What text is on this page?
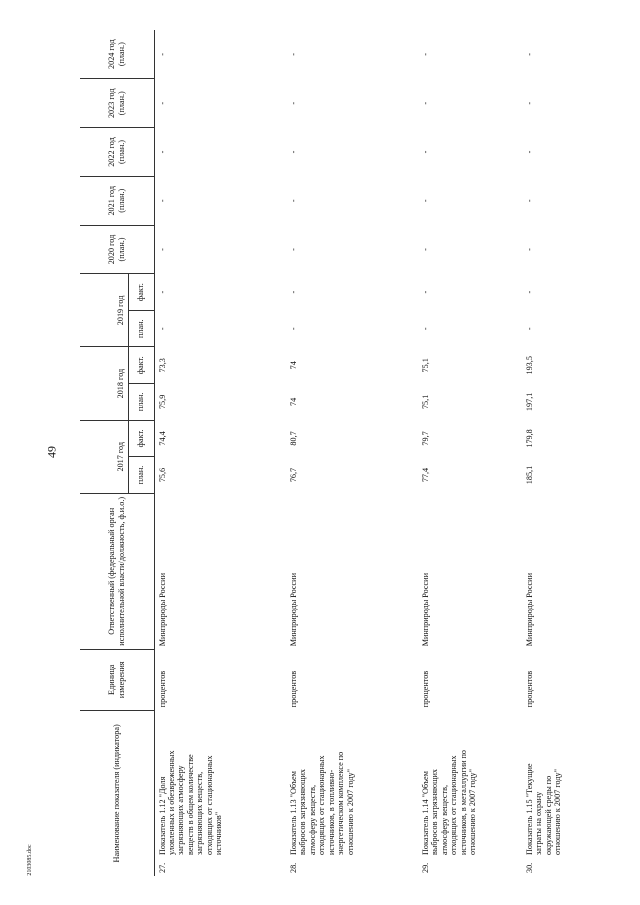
49
2103085.doc	Наименование показателя (индикатора)	Единица измерения	Ответственный (федеральный орган исполнительной власти/должность, ф.и.о.)	2017 год		2018 год		2019 год		2020 год (план.)	2021 год (план.)	2022 год (план.)	2023 год (план.)	2024 год (план.)
			план.	факт.	план.	факт.	план.	факт.					
27.Показатель 1.12 "Доля уловленных и обезвреженных загрязняющих атмосферу веществ в общем количестве загрязняющих веществ, отходящих от стационарных источников"	процентов	Минприроды России	75,6	74,4	75,9	73,3	-	-	-	-	-	-	-
28.Показатель 1.13 "Объем выбросов загрязняющих атмосферу веществ, отходящих от стационарных источников, в топливно-энергетическом комплексе по отношению к 2007 году"	процентов	Минприроды России	76,7	80,7	74	74	-	-	-	-	-	-	-
29.Показатель 1.14 "Объем выбросов загрязняющих атмосферу веществ, отходящих от стационарных источников, в металлургии по отношению к 2007 году"	процентов	Минприроды России	77,4	79,7	75,1	75,1	-	-	-	-	-	-	-
30.Показатель 1.15 "Текущие затраты на охрану окружающей среды по отношению к 2007 году"	процентов	Минприроды России	185,1	179,8	197,1	193,5	-	-	-	-	-	-	-
